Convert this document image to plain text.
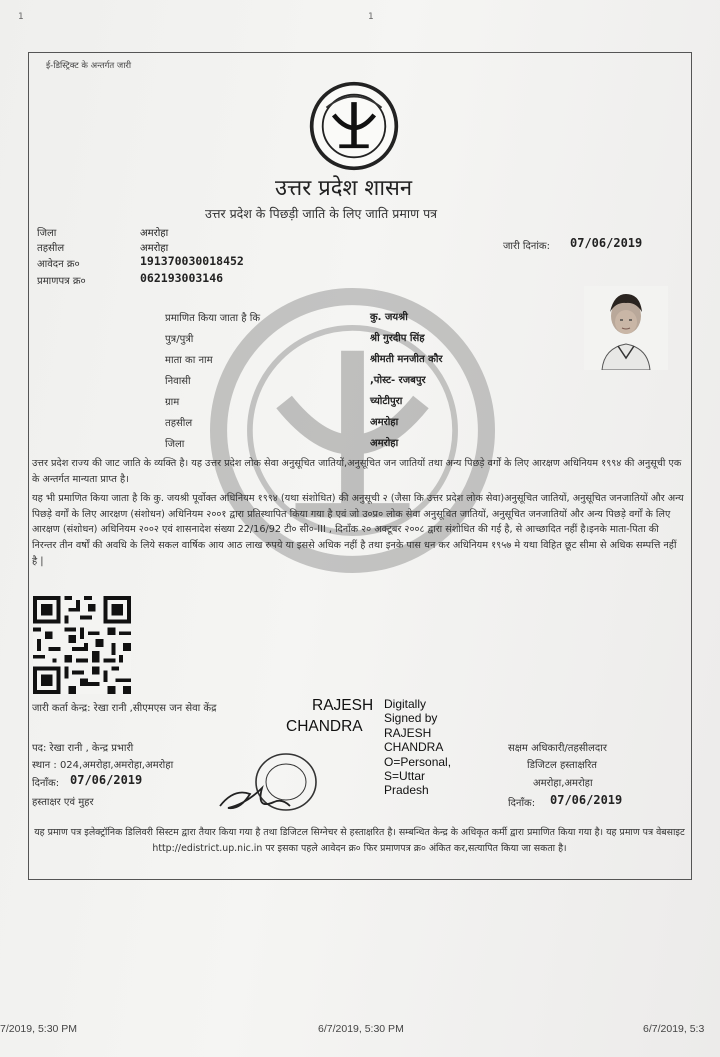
1	1
ई-डिस्ट्रिक्ट के अन्तर्गत जारी
उत्तर प्रदेश शासन
उत्तर प्रदेश के पिछड़ी जाति के लिए जाति प्रमाण पत्र
जिला	अमरोहा
तहसील	अमरोहा
आवेदन क्र०	191370030018452
प्रमाणपत्र क्र०	062193003146
जारी दिनांक: 07/06/2019
प्रमाणित किया जाता है कि	कु. जयश्री
पुत्र/पुत्री	श्री गुरदीप सिंह
माता का नाम	श्रीमती मनजीत कौर
निवासी	,पोस्ट- रजबपुर
ग्राम	च्योटीपुरा
तहसील	अमरोहा
जिला	अमरोहा

उत्तर प्रदेश राज्य की जाट जाति के व्यक्ति है। यह उत्तर प्रदेश लोक सेवा अनुसूचित जातियों,अनुसूचित जन जातियों तथा अन्य पिछड़े वर्गों के लिए आरक्षण अधिनियम १९९४ की अनुसूची एक के अन्तर्गत मान्यता प्राप्त है।

यह भी प्रमाणित किया जाता है कि कु. जयश्री पूर्वोक्त अधिनियम १९९४ (यथा संशोधित) की अनुसूची २ (जैसा कि उत्तर प्रदेश लोक सेवा)अनुसूचित जातियों, अनुसूचित जनजातियों और अन्य पिछड़े वर्गों के लिए आरक्षण (संशोधन) अधिनियम २००१ द्वारा प्रतिस्थापित किया गया है एवं जो उ०प्र० लोक सेवा अनुसूचित जातियों, अनुसूचित जनजातियों और अन्य पिछड़े वर्गों के लिए आरक्षण (संशोधन) अधिनियम २००२ एवं शासनादेश संख्या 22/16/92 टी० सी०-III , दिनाँक २० अक्टूबर २००८ द्वारा संशोधित की गई है, से आच्छादित नहीं है।इनके माता-पिता की निरन्तर तीन वर्षों की अवधि के लिये सकल वार्षिक आय आठ लाख रुपये या इससे अधिक नहीं है तथा इनके पास धन कर अधिनियम १९५७ मे यथा विहित छूट सीमा से अधिक सम्पत्ति नहीं है |

जारी कर्ता केन्द्र: रेखा रानी ,सीएमएस जन सेवा केंद्र	RAJESH
CHANDRA
Digitally
Signed by
RAJESH
CHANDRA
O=Personal,
S=Uttar
Pradesh
पद: रेखा रानी , केन्द्र प्रभारी
स्थान : 024,अमरोहा,अमरोहा,अमरोहा
दिनाँक: 07/06/2019
हस्ताक्षर एवं मुहर
सक्षम अधिकारी/तहसीलदार
डिजिटल हस्ताक्षरित
अमरोहा,अमरोहा
दिनाँक: 07/06/2019
यह प्रमाण पत्र इलेक्ट्रॉनिक डिलिवरी सिस्टम द्वारा तैयार किया गया है तथा डिजिटल सिग्नेचर से हस्ताक्षरित है। सम्बन्धित केन्द्र के अधिकृत कर्मी द्वारा प्रमाणित किया गया है। यह प्रमाण पत्र वेबसाइट http://edistrict.up.nic.in पर इसका पहले आवेदन क्र० फिर प्रमाणपत्र क्र० अंकित कर,सत्यापित किया जा सकता है।
7/2019, 5:30 PM	6/7/2019, 5:30 PM	6/7/2019, 5:3
